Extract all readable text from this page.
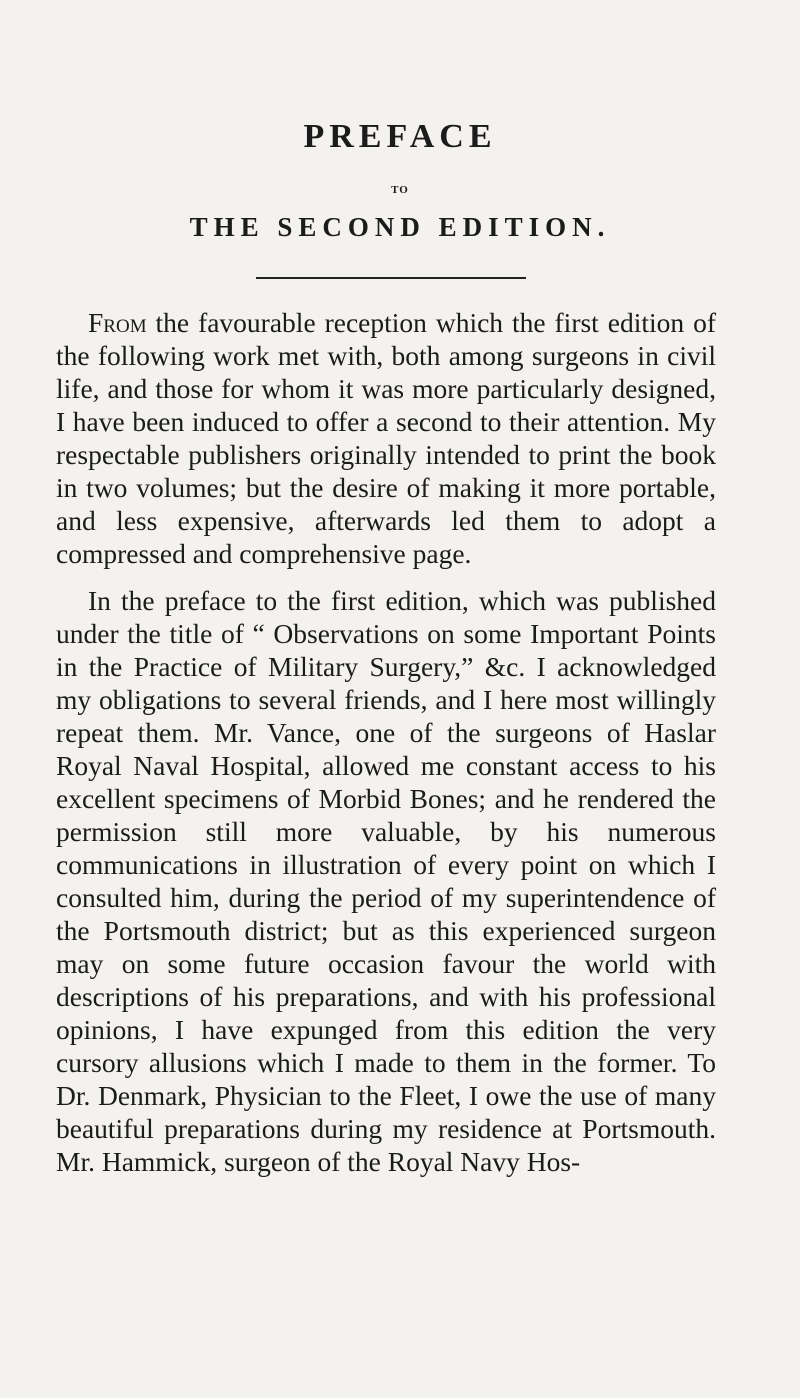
PREFACE
TO
THE SECOND EDITION.

From the favourable reception which the first edition of the following work met with, both among surgeons in civil life, and those for whom it was more particularly designed, I have been induced to offer a second to their attention. My respectable publishers originally intended to print the book in two volumes; but the desire of making it more portable, and less expensive, afterwards led them to adopt a compressed and comprehensive page.

In the preface to the first edition, which was published under the title of “ Observations on some Important Points in the Practice of Military Surgery,” &c. I acknowledged my obligations to several friends, and I here most willingly repeat them. Mr. Vance, one of the surgeons of Haslar Royal Naval Hospital, allowed me constant access to his excellent specimens of Morbid Bones; and he rendered the permission still more valuable, by his numerous communications in illustration of every point on which I consulted him, during the period of my superintendence of the Portsmouth district; but as this experienced surgeon may on some future occasion favour the world with descriptions of his preparations, and with his professional opinions, I have expunged from this edition the very cursory allusions which I made to them in the former. To Dr. Denmark, Physician to the Fleet, I owe the use of many beautiful preparations during my residence at Portsmouth. Mr. Hammick, surgeon of the Royal Navy Hos-
